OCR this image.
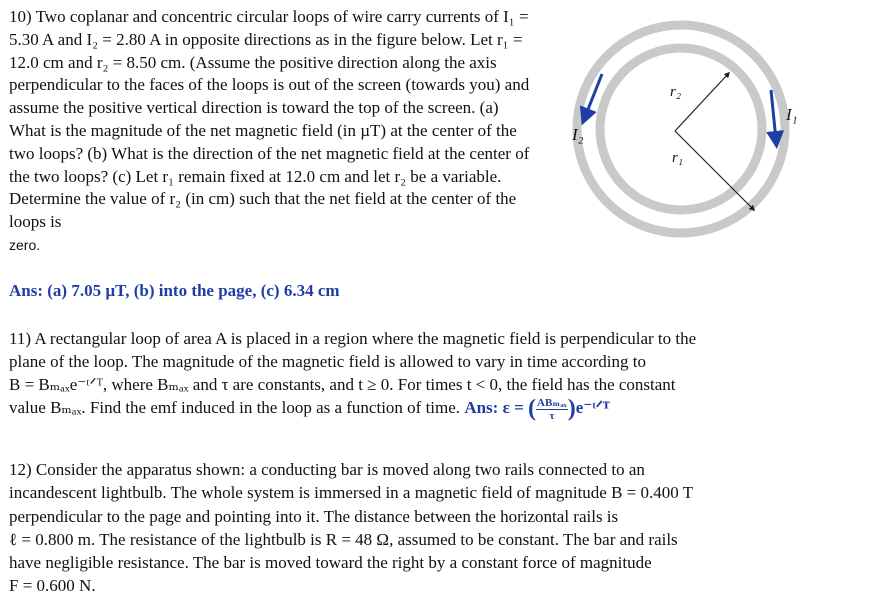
10) Two coplanar and concentric circular loops of wire carry currents of I₁ = 5.30 A and I₂ = 2.80 A in opposite directions as in the figure below. Let r₁ = 12.0 cm and r₂ = 8.50 cm. (Assume the positive direction along the axis perpendicular to the faces of the loops is out of the screen (towards you) and assume the positive vertical direction is toward the top of the screen. (a) What is the magnitude of the net magnetic field (in µT) at the center of the two loops? (b) What is the direction of the net magnetic field at the center of the two loops? (c) Let r₁ remain fixed at 12.0 cm and let r₂ be a variable. Determine the value of r₂ (in cm) such that the net field at the center of the loops is
zero.

Ans: (a) 7.05 µT, (b) into the page, (c) 6.34 cm

I₂
I₁
r₂
r₁
11) A rectangular loop of area A is placed in a region where the magnetic field is perpendicular to the
plane of the loop. The magnitude of the magnetic field is allowed to vary in time according to
B = Bₘₐₓe⁻ᵗᐟᵀ, where Bₘₐₓ and τ are constants, and t ≥ 0. For times t < 0, the field has the constant
value Bₘₐₓ. Find the emf induced in the loop as a function of time. Ans: ε = ( $\frac{\text{ABₘₐₓ}}{\tau}$ )e⁻ᵗᐟᵀ
12) Consider the apparatus shown: a conducting bar is moved along two rails connected to an
incandescent lightbulb. The whole system is immersed in a magnetic field of magnitude B = 0.400 T
perpendicular to the page and pointing into it. The distance between the horizontal rails is
ℓ = 0.800 m. The resistance of the lightbulb is R = 48 Ω, assumed to be constant. The bar and rails
have negligible resistance. The bar is moved toward the right by a constant force of magnitude
F = 0.600 N.
